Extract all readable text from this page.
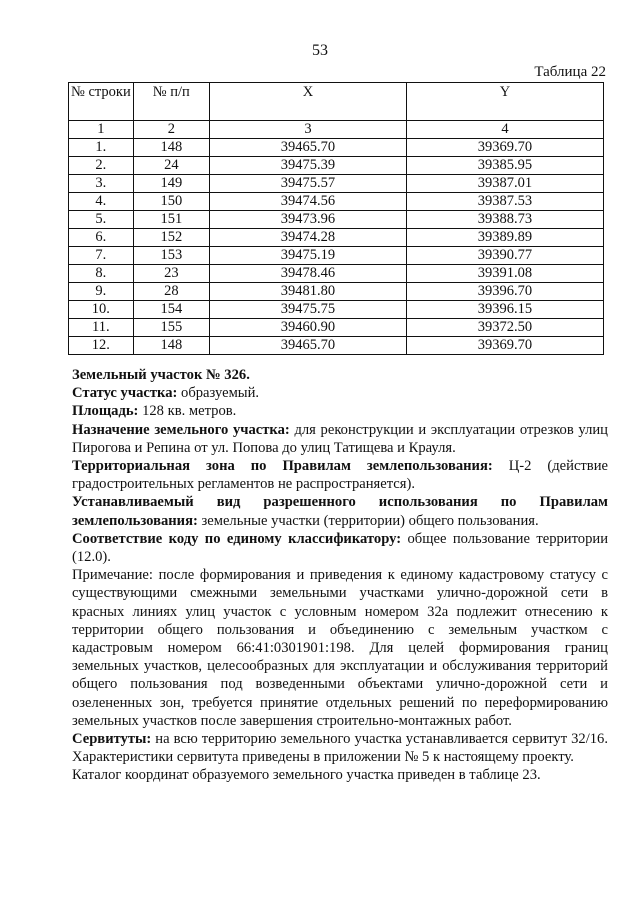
53
Таблица 22
№ строки	№ п/п	X	Y
1	2	3	4
1.	148	39465.70	39369.70
2.	24	39475.39	39385.95
3.	149	39475.57	39387.01
4.	150	39474.56	39387.53
5.	151	39473.96	39388.73
6.	152	39474.28	39389.89
7.	153	39475.19	39390.77
8.	23	39478.46	39391.08
9.	28	39481.80	39396.70
10.	154	39475.75	39396.15
11.	155	39460.90	39372.50
12.	148	39465.70	39369.70

Земельный участок № 326.

Статус участка: образуемый.

Площадь: 128 кв. метров.

Назначение земельного участка: для реконструкции и эксплуатации отрезков улиц Пирогова и Репина от ул. Попова до улиц Татищева и Крауля.

Территориальная зона по Правилам землепользования: Ц-2 (действие градостроительных регламентов не распространяется).

Устанавливаемый вид разрешенного использования по Правилам землепользования: земельные участки (территории) общего пользования.

Соответствие коду по единому классификатору: общее пользование территории (12.0).

Примечание: после формирования и приведения к единому кадастровому статусу с существующими смежными земельными участками улично-дорожной сети в красных линиях улиц участок с условным номером 32а подлежит отнесению к территории общего пользования и объединению с земельным участком с кадастровым номером 66:41:0301901:198. Для целей формирования границ земельных участков, целесообразных для эксплуатации и обслуживания территорий общего пользования под возведенными объектами улично-дорожной сети и озелененных зон, требуется принятие отдельных решений по переформированию земельных участков после завершения строительно-монтажных работ.

Сервитуты: на всю территорию земельного участка устанавливается сервитут 32/16. Характеристики сервитута приведены в приложении № 5 к настоящему проекту.

Каталог координат образуемого земельного участка приведен в таблице 23.
